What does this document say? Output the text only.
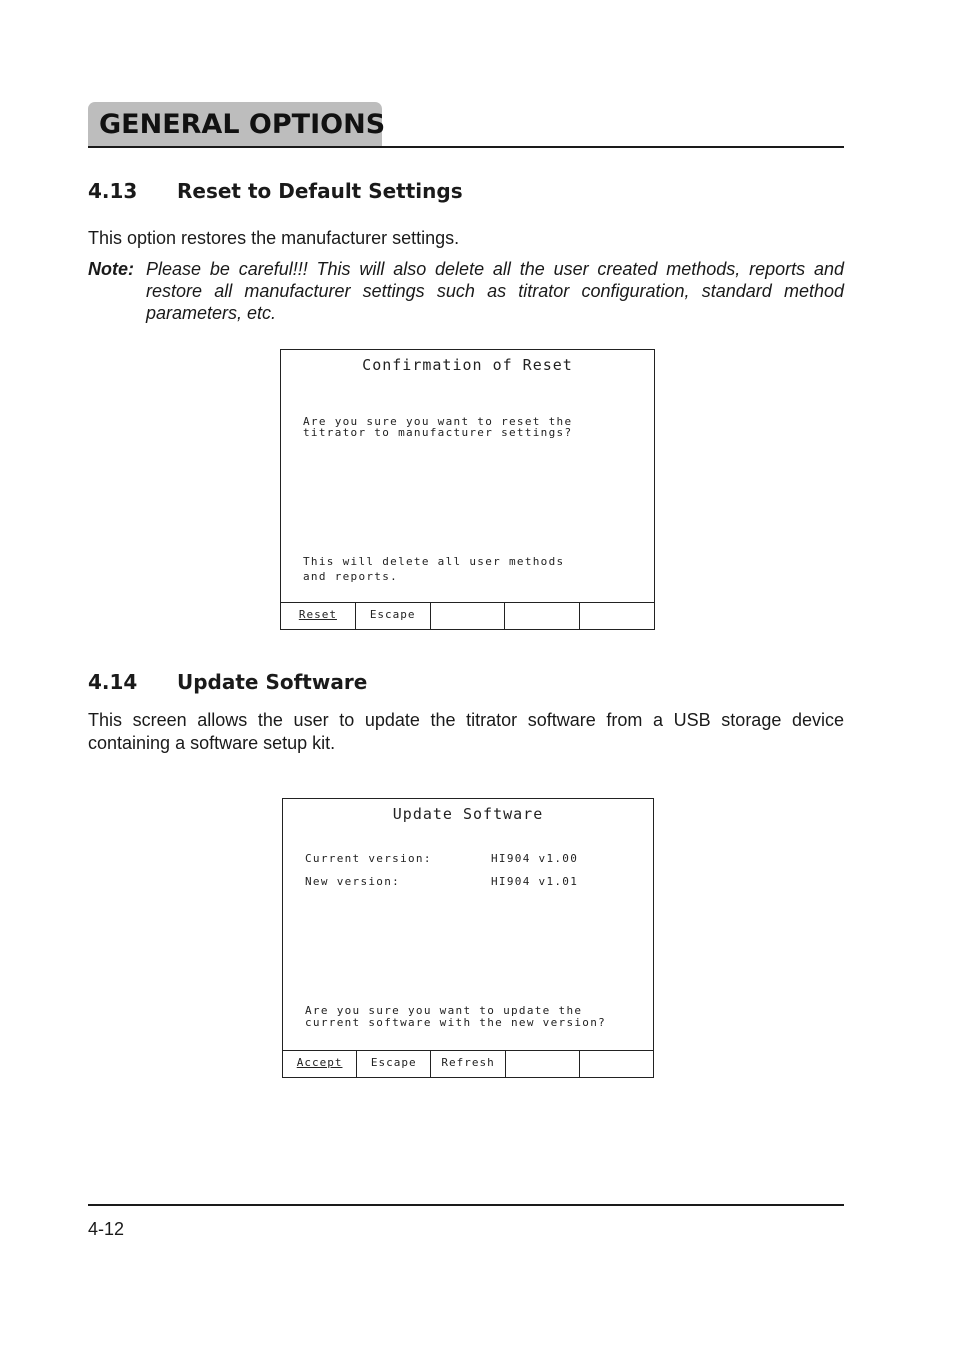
GENERAL OPTIONS
4.13 Reset to Default Settings
This option restores the manufacturer settings.
Note: Please be careful!!! This will also delete all the user created methods, reports and restore all manufacturer settings such as titrator configuration, standard method parameters, etc.
Confirmation of Reset
Are you sure you want to reset the
titrator to manufacturer settings?
This will delete all user methods
and reports.
Reset	Escape
4.14 Update Software
This screen allows the user to update the titrator software from a USB storage device containing a software setup kit.
Update Software
Current version:	HI904 v1.00
New version:	HI904 v1.01
Are you sure you want to update the
current software with the new version?
Accept	Escape	Refresh
4-12
